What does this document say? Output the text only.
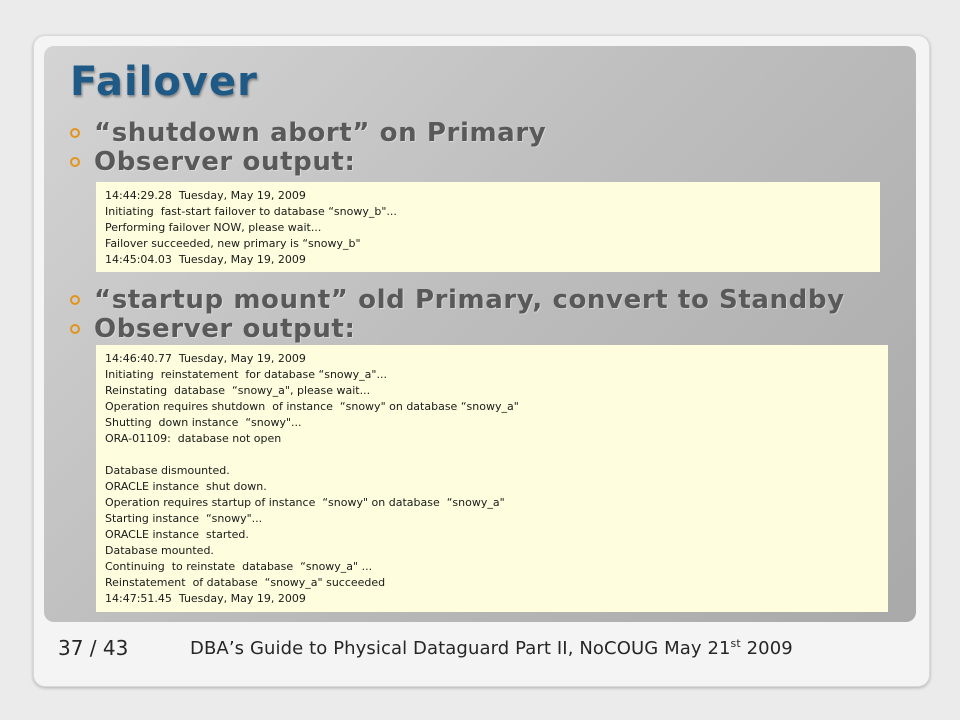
Failover
“shutdown abort” on Primary
Observer output:
14:44:29.28  Tuesday, May 19, 2009
Initiating  fast-start failover to database “snowy_b"...
Performing failover NOW, please wait...
Failover succeeded, new primary is “snowy_b"
14:45:04.03  Tuesday, May 19, 2009
“startup mount” old Primary, convert to Standby
Observer output:
14:46:40.77  Tuesday, May 19, 2009
Initiating  reinstatement  for database “snowy_a"...
Reinstating  database  “snowy_a", please wait...
Operation requires shutdown  of instance  “snowy" on database “snowy_a"
Shutting  down instance  “snowy"...
ORA-01109:  database not open
Database dismounted.
ORACLE instance  shut down.
Operation requires startup of instance  “snowy" on database  “snowy_a"
Starting instance  “snowy"...
ORACLE instance  started.
Database mounted.
Continuing  to reinstate  database  “snowy_a" ...
Reinstatement  of database  “snowy_a" succeeded
14:47:51.45  Tuesday, May 19, 2009
37 / 43	DBA’s Guide to Physical Dataguard Part II, NoCOUG May 21st 2009
